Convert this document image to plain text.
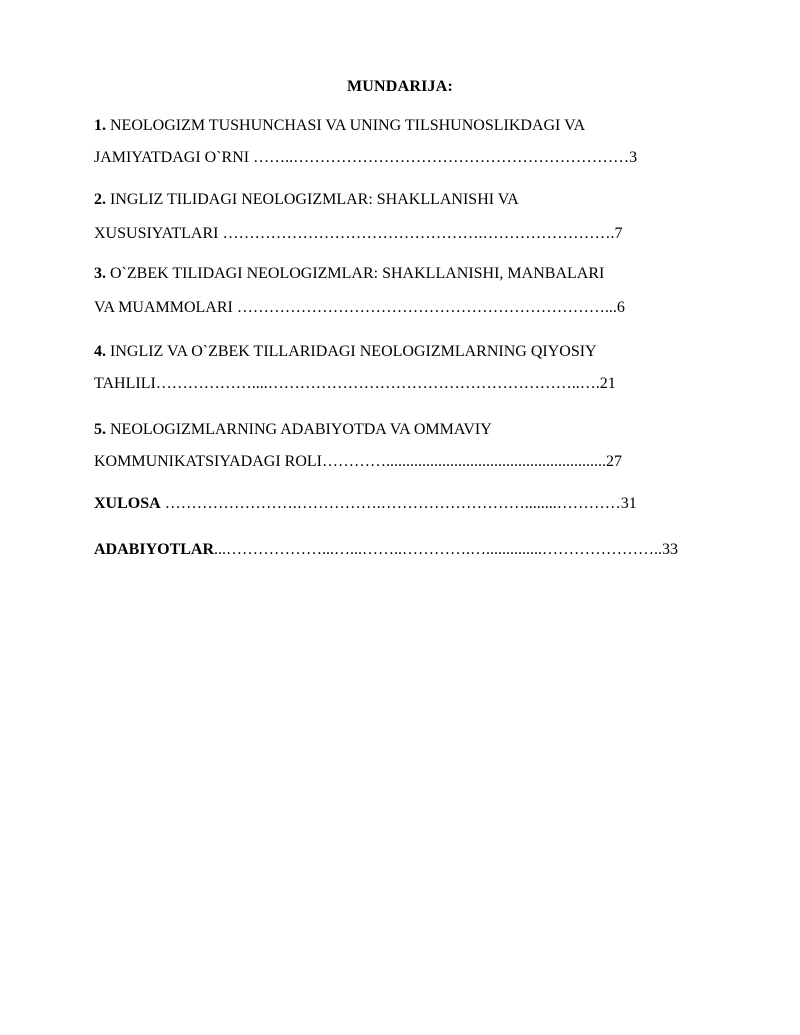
MUNDARIJA:
1. NEOLOGIZM TUSHUNCHASI VA UNING TILSHUNOSLIKDAGI VA
JAMIYATDAGI O`RNI ……..………………………………………………………3
2. INGLIZ TILIDAGI NEOLOGIZMLAR: SHAKLLANISHI VA
XUSUSIYATLARI ………………………………………….…………………….7
3. O`ZBEK TILIDAGI NEOLOGIZMLAR: SHAKLLANISHI, MANBALARI
VA MUAMMOLARI ……………………………………………………………...6
4. INGLIZ VA O`ZBEK TILLARIDAGI NEOLOGIZMLARNING QIYOSIY
TAHLILI………………....…………………………………………………..….21
5. NEOLOGIZMLARNING ADABIYOTDA VA OMMAVIY
KOMMUNIKATSIYADAGI ROLI………….......................................................27
XULOSA …………………….…………….………………………........…………31
ADABIYOTLAR...………………...…...……..………….…..............…………………..33
